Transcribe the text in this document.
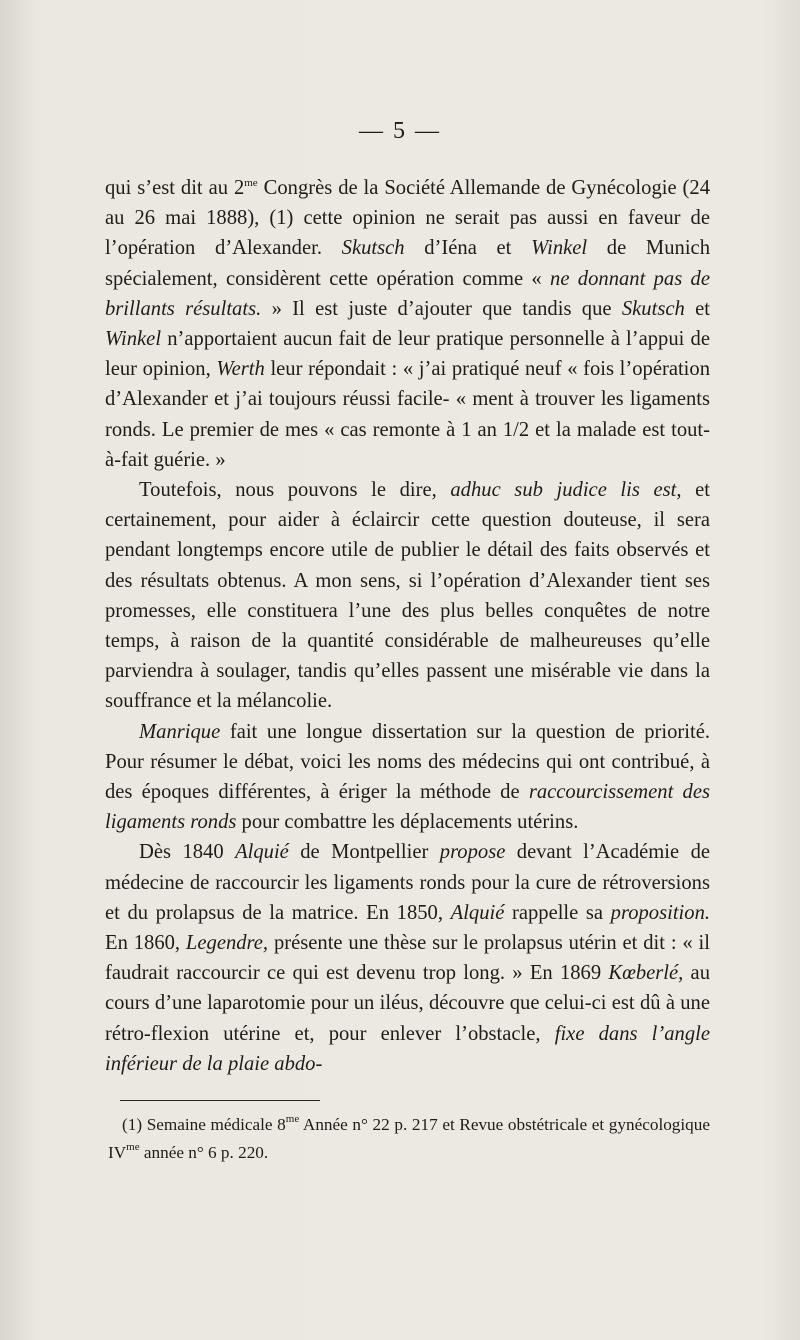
— 5 —

qui s’est dit au $2^{me}$ Congrès de la Société Allemande de Gynécologie (24 au 26 mai 1888), (1) cette opinion ne serait pas aussi en faveur de l’opération d’Alexander. Skutsch d’Iéna et Winkel de Munich spécialement, considèrent cette opération comme « ne donnant pas de brillants résultats. » Il est juste d’ajouter que tandis que Skutsch et Winkel n’apportaient aucun fait de leur pratique personnelle à l’appui de leur opinion, Werth leur répondait : « j’ai pratiqué neuf « fois l’opération d’Alexander et j’ai toujours réussi facile- « ment à trouver les ligaments ronds. Le premier de mes « cas remonte à 1 an 1/2 et la malade est tout-à-fait guérie. »

Toutefois, nous pouvons le dire, adhuc sub judice lis est, et certainement, pour aider à éclaircir cette question douteuse, il sera pendant longtemps encore utile de publier le détail des faits observés et des résultats obtenus. A mon sens, si l’opération d’Alexander tient ses promesses, elle constituera l’une des plus belles conquêtes de notre temps, à raison de la quantité considérable de malheureuses qu’elle parviendra à soulager, tandis qu’elles passent une misérable vie dans la souffrance et la mélancolie.

Manrique fait une longue dissertation sur la question de priorité. Pour résumer le débat, voici les noms des médecins qui ont contribué, à des époques différentes, à ériger la méthode de raccourcissement des ligaments ronds pour combattre les déplacements utérins.

Dès 1840 Alquié de Montpellier propose devant l’Académie de médecine de raccourcir les ligaments ronds pour la cure de rétroversions et du prolapsus de la matrice. En 1850, Alquié rappelle sa proposition. En 1860, Legendre, présente une thèse sur le prolapsus utérin et dit : « il faudrait raccourcir ce qui est devenu trop long. » En 1869 Kœberlé, au cours d’une laparotomie pour un iléus, découvre que celui-ci est dû à une rétro-flexion utérine et, pour enlever l’obstacle, fixe dans l’angle inférieur de la plaie abdo-

(1) Semaine médicale $8^{me}$ Année n° 22 p. 217 et Revue obstétricale et gynécologique $IV^{me}$ année n° 6 p. 220.
